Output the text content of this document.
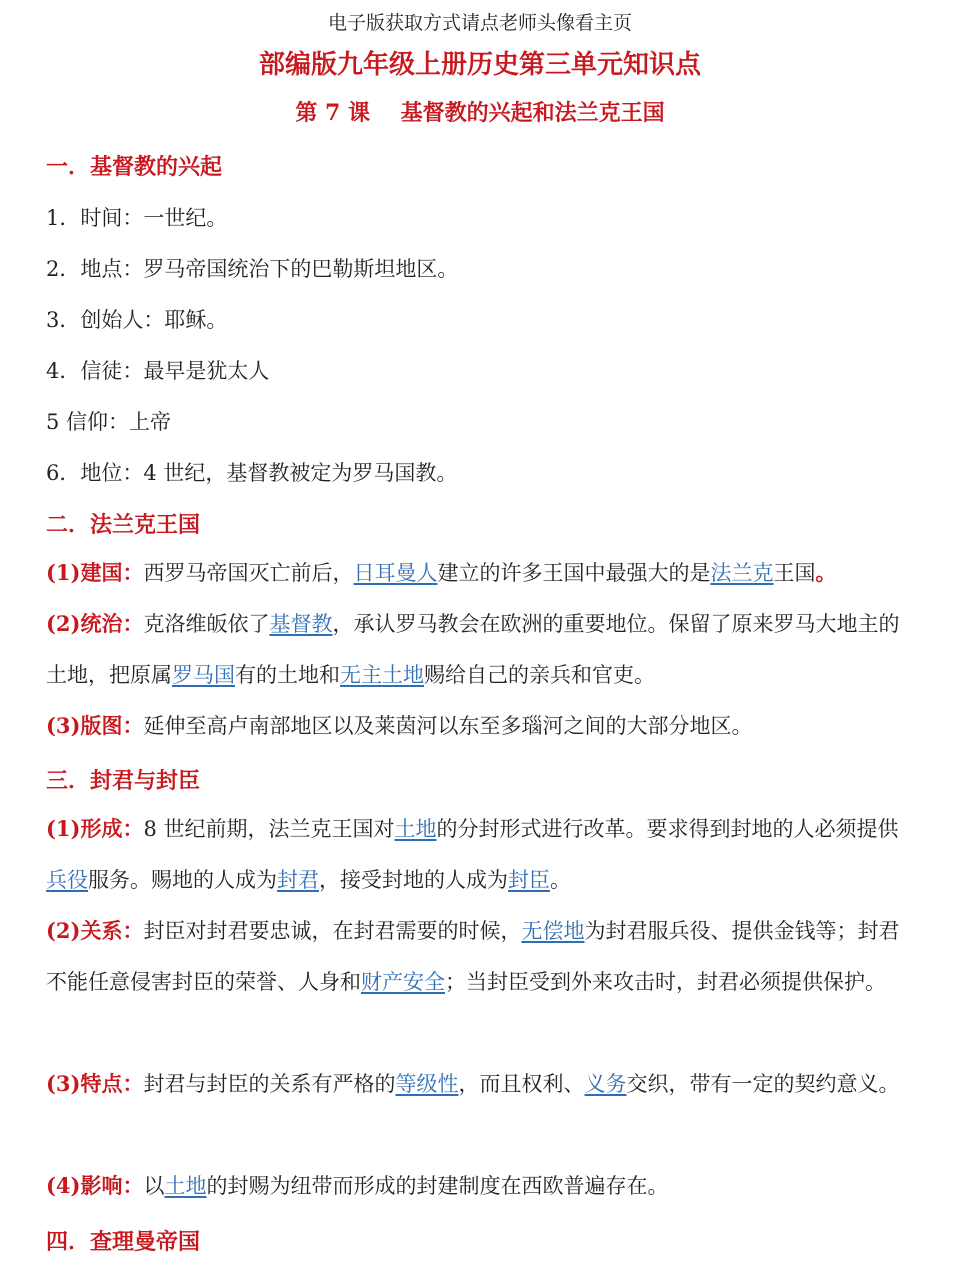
电子版获取方式请点老师头像看主页
部编版九年级上册历史第三单元知识点
第 7 课    基督教的兴起和法兰克王国
一．基督教的兴起
1．时间：一世纪。
2．地点：罗马帝国统治下的巴勒斯坦地区。
3．创始人：耶稣。
4．信徒：最早是犹太人
5 信仰：上帝
6．地位：4 世纪，基督教被定为罗马国教。
二．法兰克王国
(1)建国：西罗马帝国灭亡前后，日耳曼人建立的许多王国中最强大的是法兰克王国。
(2)统治：克洛维皈依了基督教，承认罗马教会在欧洲的重要地位。保留了原来罗马大地主的土地，把原属罗马国有的土地和无主土地赐给自己的亲兵和官吏。
(3)版图：延伸至高卢南部地区以及莱茵河以东至多瑙河之间的大部分地区。
三．封君与封臣
(1)形成：8 世纪前期，法兰克王国对土地的分封形式进行改革。要求得到封地的人必须提供兵役服务。赐地的人成为封君，接受封地的人成为封臣。
(2)关系：封臣对封君要忠诚，在封君需要的时候，无偿地为封君服兵役、提供金钱等；封君不能任意侵害封臣的荣誉、人身和财产安全；当封臣受到外来攻击时，封君必须提供保护。
(3)特点：封君与封臣的关系有严格的等级性，而且权利、义务交织，带有一定的契约意义。
(4)影响：以土地的封赐为纽带而形成的封建制度在西欧普遍存在。
四．查理曼帝国
